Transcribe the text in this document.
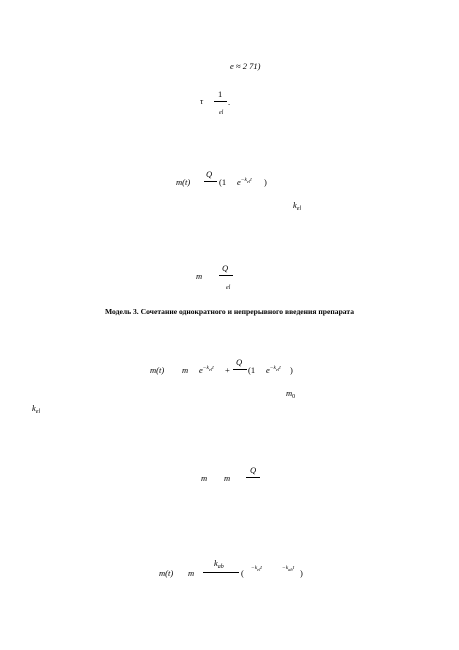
e ≈ 2 71)
τ
1
.
el
m(t)
Q
(1 $e^{-k_{el}t}$ )
$k_{el}$
m
Q
el
Модель 3. Сочетание однократного и непрерывного введения препарата
m(t) m $e^{-k_{el}t}$ +
Q
(1 $e^{-k_{el}t}$ )
$m_0$
$k_{el}$
m m
Q
m(t) m
$k_{ab}$
( $-k_{el}t$	$-k_{ab}t$ )
